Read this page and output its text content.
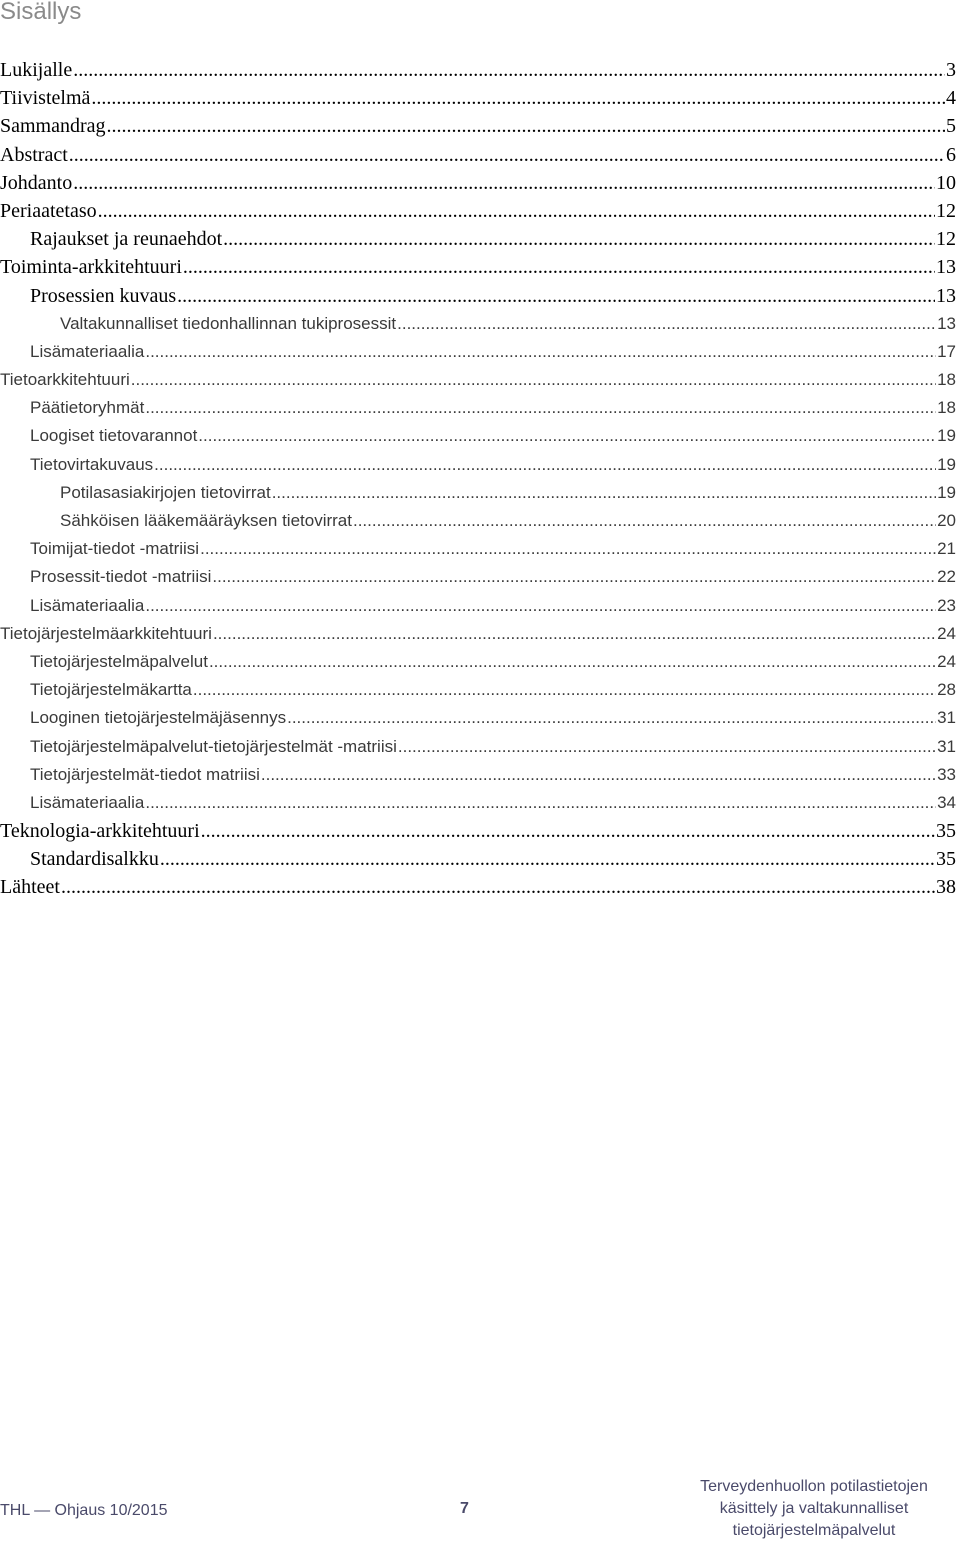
Sisällys
Lukijalle .....	3
Tiivistelmä .....	4
Sammandrag .....	5
Abstract .....	6
Johdanto .....	10
Periaatetaso .....	12
Rajaukset ja reunaehdot .....	12
Toiminta-arkkitehtuuri .....	13
Prosessien kuvaus .....	13
Valtakunnalliset tiedonhallinnan tukiprosessit .....	13
Lisämateriaalia .....	17
Tietoarkkitehtuuri .....	18
Päätietoryhmät .....	18
Loogiset tietovarannot .....	19
Tietovirtakuvaus .....	19
Potilasasiakirjojen tietovirrat .....	19
Sähköisen lääkemääräyksen tietovirrat .....	20
Toimijat-tiedot -matriisi .....	21
Prosessit-tiedot -matriisi .....	22
Lisämateriaalia .....	23
Tietojärjestelmäarkkitehtuuri .....	24
Tietojärjestelmäpalvelut .....	24
Tietojärjestelmäkartta .....	28
Looginen tietojärjestelmäjäsennys .....	31
Tietojärjestelmäpalvelut-tietojärjestelmät -matriisi .....	31
Tietojärjestelmät-tiedot matriisi .....	33
Lisämateriaalia .....	34
Teknologia-arkkitehtuuri .....	35
Standardisalkku .....	35
Lähteet .....	38
THL — Ohjaus 10/2015	7
Terveydenhuollon potilastietojen
käsittely ja valtakunnalliset
tietojärjestelmäpalvelut
